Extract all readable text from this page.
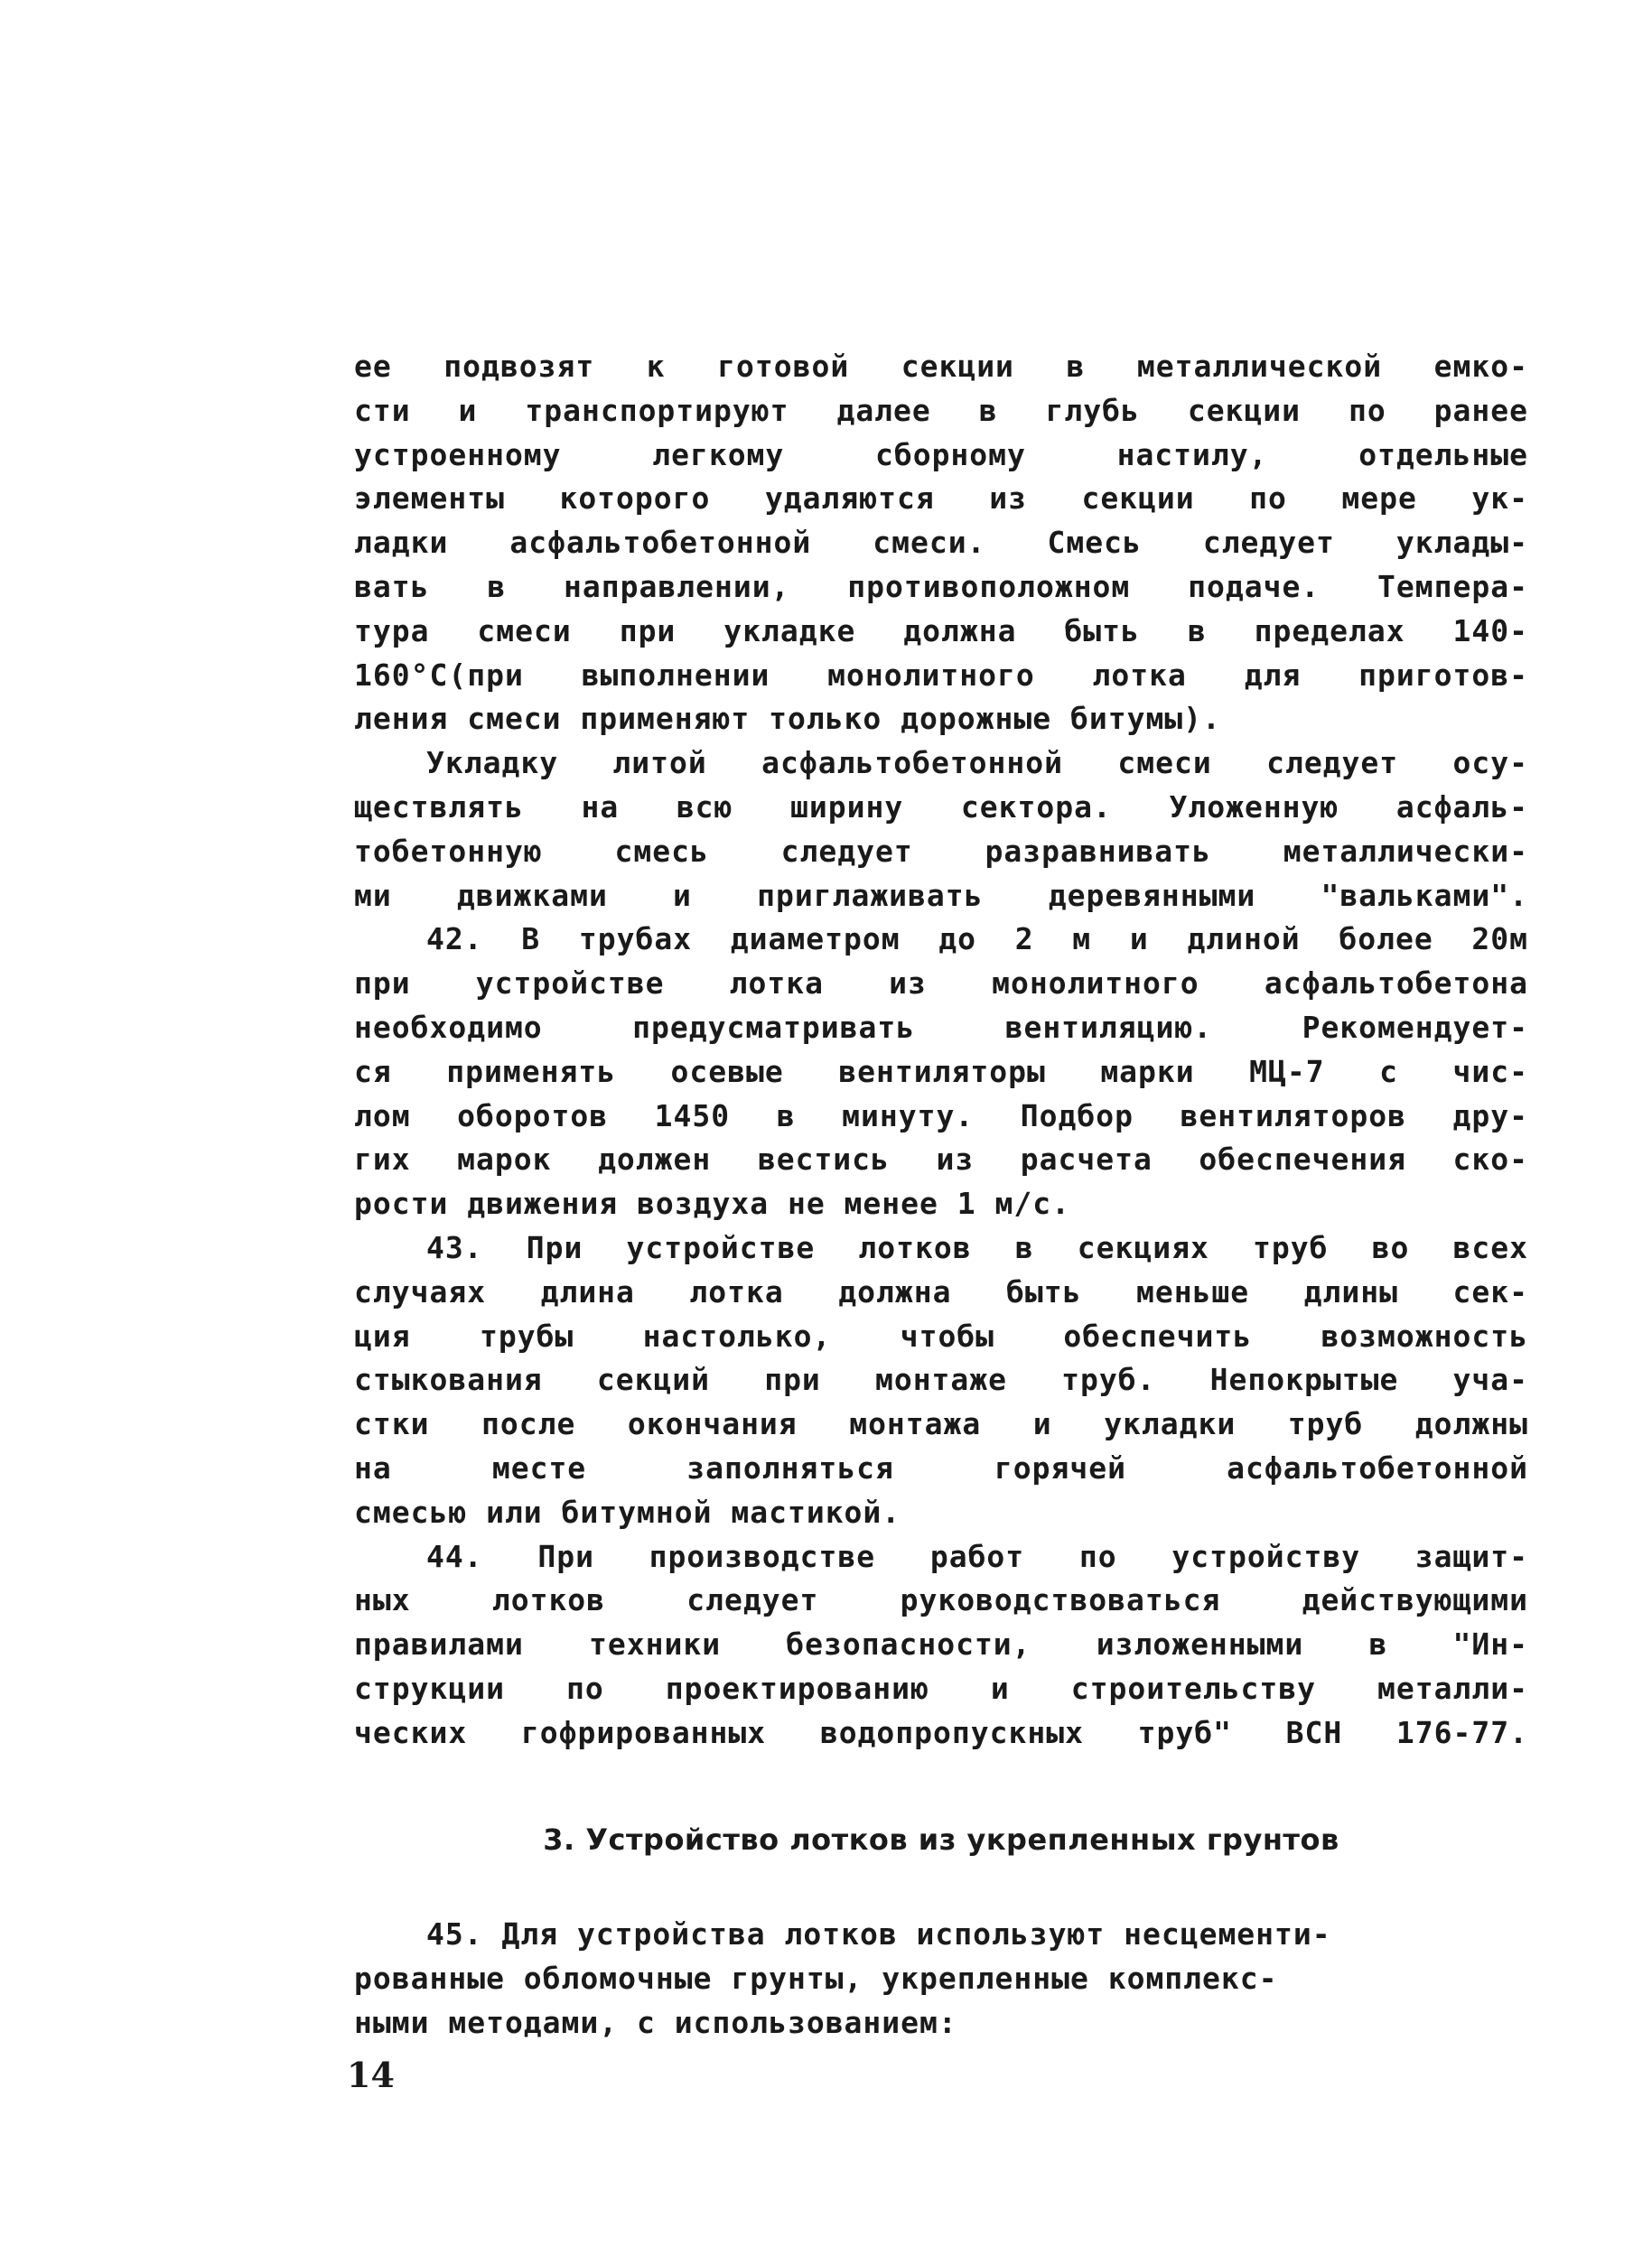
ее подвозят к готовой секции в металлической емко-
сти и транспортируют далее в глубь секции по ранее
устроенному легкому сборному настилу, отдельные
элементы которого удаляются из секции по мере ук-
ладки асфальтобетонной смеси. Смесь следует уклады-
вать в направлении, противоположном подаче. Темпера-
тура смеси при укладке должна быть в пределах 140-
160°С(при выполнении монолитного лотка для приготов-
ления смеси применяют только дорожные битумы).
Укладку литой асфальтобетонной смеси следует осу-
ществлять на всю ширину сектора. Уложенную асфаль-
тобетонную смесь следует разравнивать металлически-
ми движками и приглаживать деревянными "вальками".
42. В трубах диаметром до 2 м и длиной более 20м
при устройстве лотка из монолитного асфальтобетона
необходимо предусматривать вентиляцию. Рекомендует-
ся применять осевые вентиляторы марки МЦ-7 с чис-
лом оборотов 1450 в минуту. Подбор вентиляторов дру-
гих марок должен вестись из расчета обеспечения ско-
рости движения воздуха не менее 1 м/с.
43. При устройстве лотков в секциях труб во всех
случаях длина лотка должна быть меньше длины сек-
ция трубы настолько, чтобы обеспечить возможность
стыкования секций при монтаже труб. Непокрытые уча-
стки после окончания монтажа и укладки труб должны
на месте заполняться горячей асфальтобетонной
смесью или битумной мастикой.
44. При производстве работ по устройству защит-
ных лотков следует руководствоваться действующими
правилами техники безопасности, изложенными в "Ин-
струкции по проектированию и строительству металли-
ческих гофрированных водопропускных труб" ВСН 176-77.
3. Устройство лотков из укрепленных грунтов
45. Для устройства лотков используют несцементи-
рованные обломочные грунты, укрепленные комплекс-
ными методами, с использованием:
14
